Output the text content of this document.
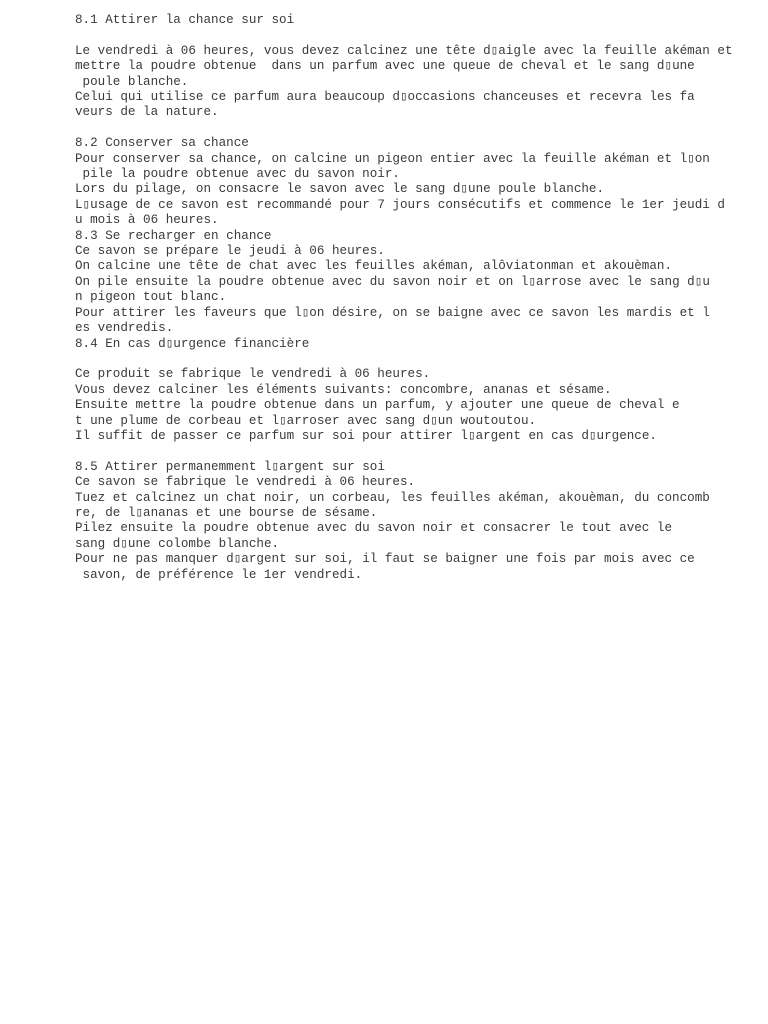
8.1 Attirer la chance sur soi
Le vendredi à 06 heures, vous devez calcinez une tête d▯aigle avec la feuille akéman et
mettre la poudre obtenue  dans un parfum avec une queue de cheval et le sang d▯une
poule blanche.
Celui qui utilise ce parfum aura beaucoup d▯occasions chanceuses et recevra les fa
veurs de la nature.
8.2 Conserver sa chance
Pour conserver sa chance, on calcine un pigeon entier avec la feuille akéman et l▯on
pile la poudre obtenue avec du savon noir.
Lors du pilage, on consacre le savon avec le sang d▯une poule blanche.
L▯usage de ce savon est recommandé pour 7 jours consécutifs et commence le 1er jeudi d
u mois à 06 heures.
8.3 Se recharger en chance
Ce savon se prépare le jeudi à 06 heures.
On calcine une tête de chat avec les feuilles akéman, alôviatonman et akouèman.
On pile ensuite la poudre obtenue avec du savon noir et on l▯arrose avec le sang d▯u
n pigeon tout blanc.
Pour attirer les faveurs que l▯on désire, on se baigne avec ce savon les mardis et l
es vendredis.
8.4 En cas d▯urgence financière
Ce produit se fabrique le vendredi à 06 heures.
Vous devez calciner les éléments suivants: concombre, ananas et sésame.
Ensuite mettre la poudre obtenue dans un parfum, y ajouter une queue de cheval e
t une plume de corbeau et l▯arroser avec sang d▯un woutoutou.
Il suffit de passer ce parfum sur soi pour attirer l▯argent en cas d▯urgence.
8.5 Attirer permanemment l▯argent sur soi
Ce savon se fabrique le vendredi à 06 heures.
Tuez et calcinez un chat noir, un corbeau, les feuilles akéman, akouèman, du concomb
re, de l▯ananas et une bourse de sésame.
Pilez ensuite la poudre obtenue avec du savon noir et consacrer le tout avec le
sang d▯une colombe blanche.
Pour ne pas manquer d▯argent sur soi, il faut se baigner une fois par mois avec ce
savon, de préférence le 1er vendredi.
